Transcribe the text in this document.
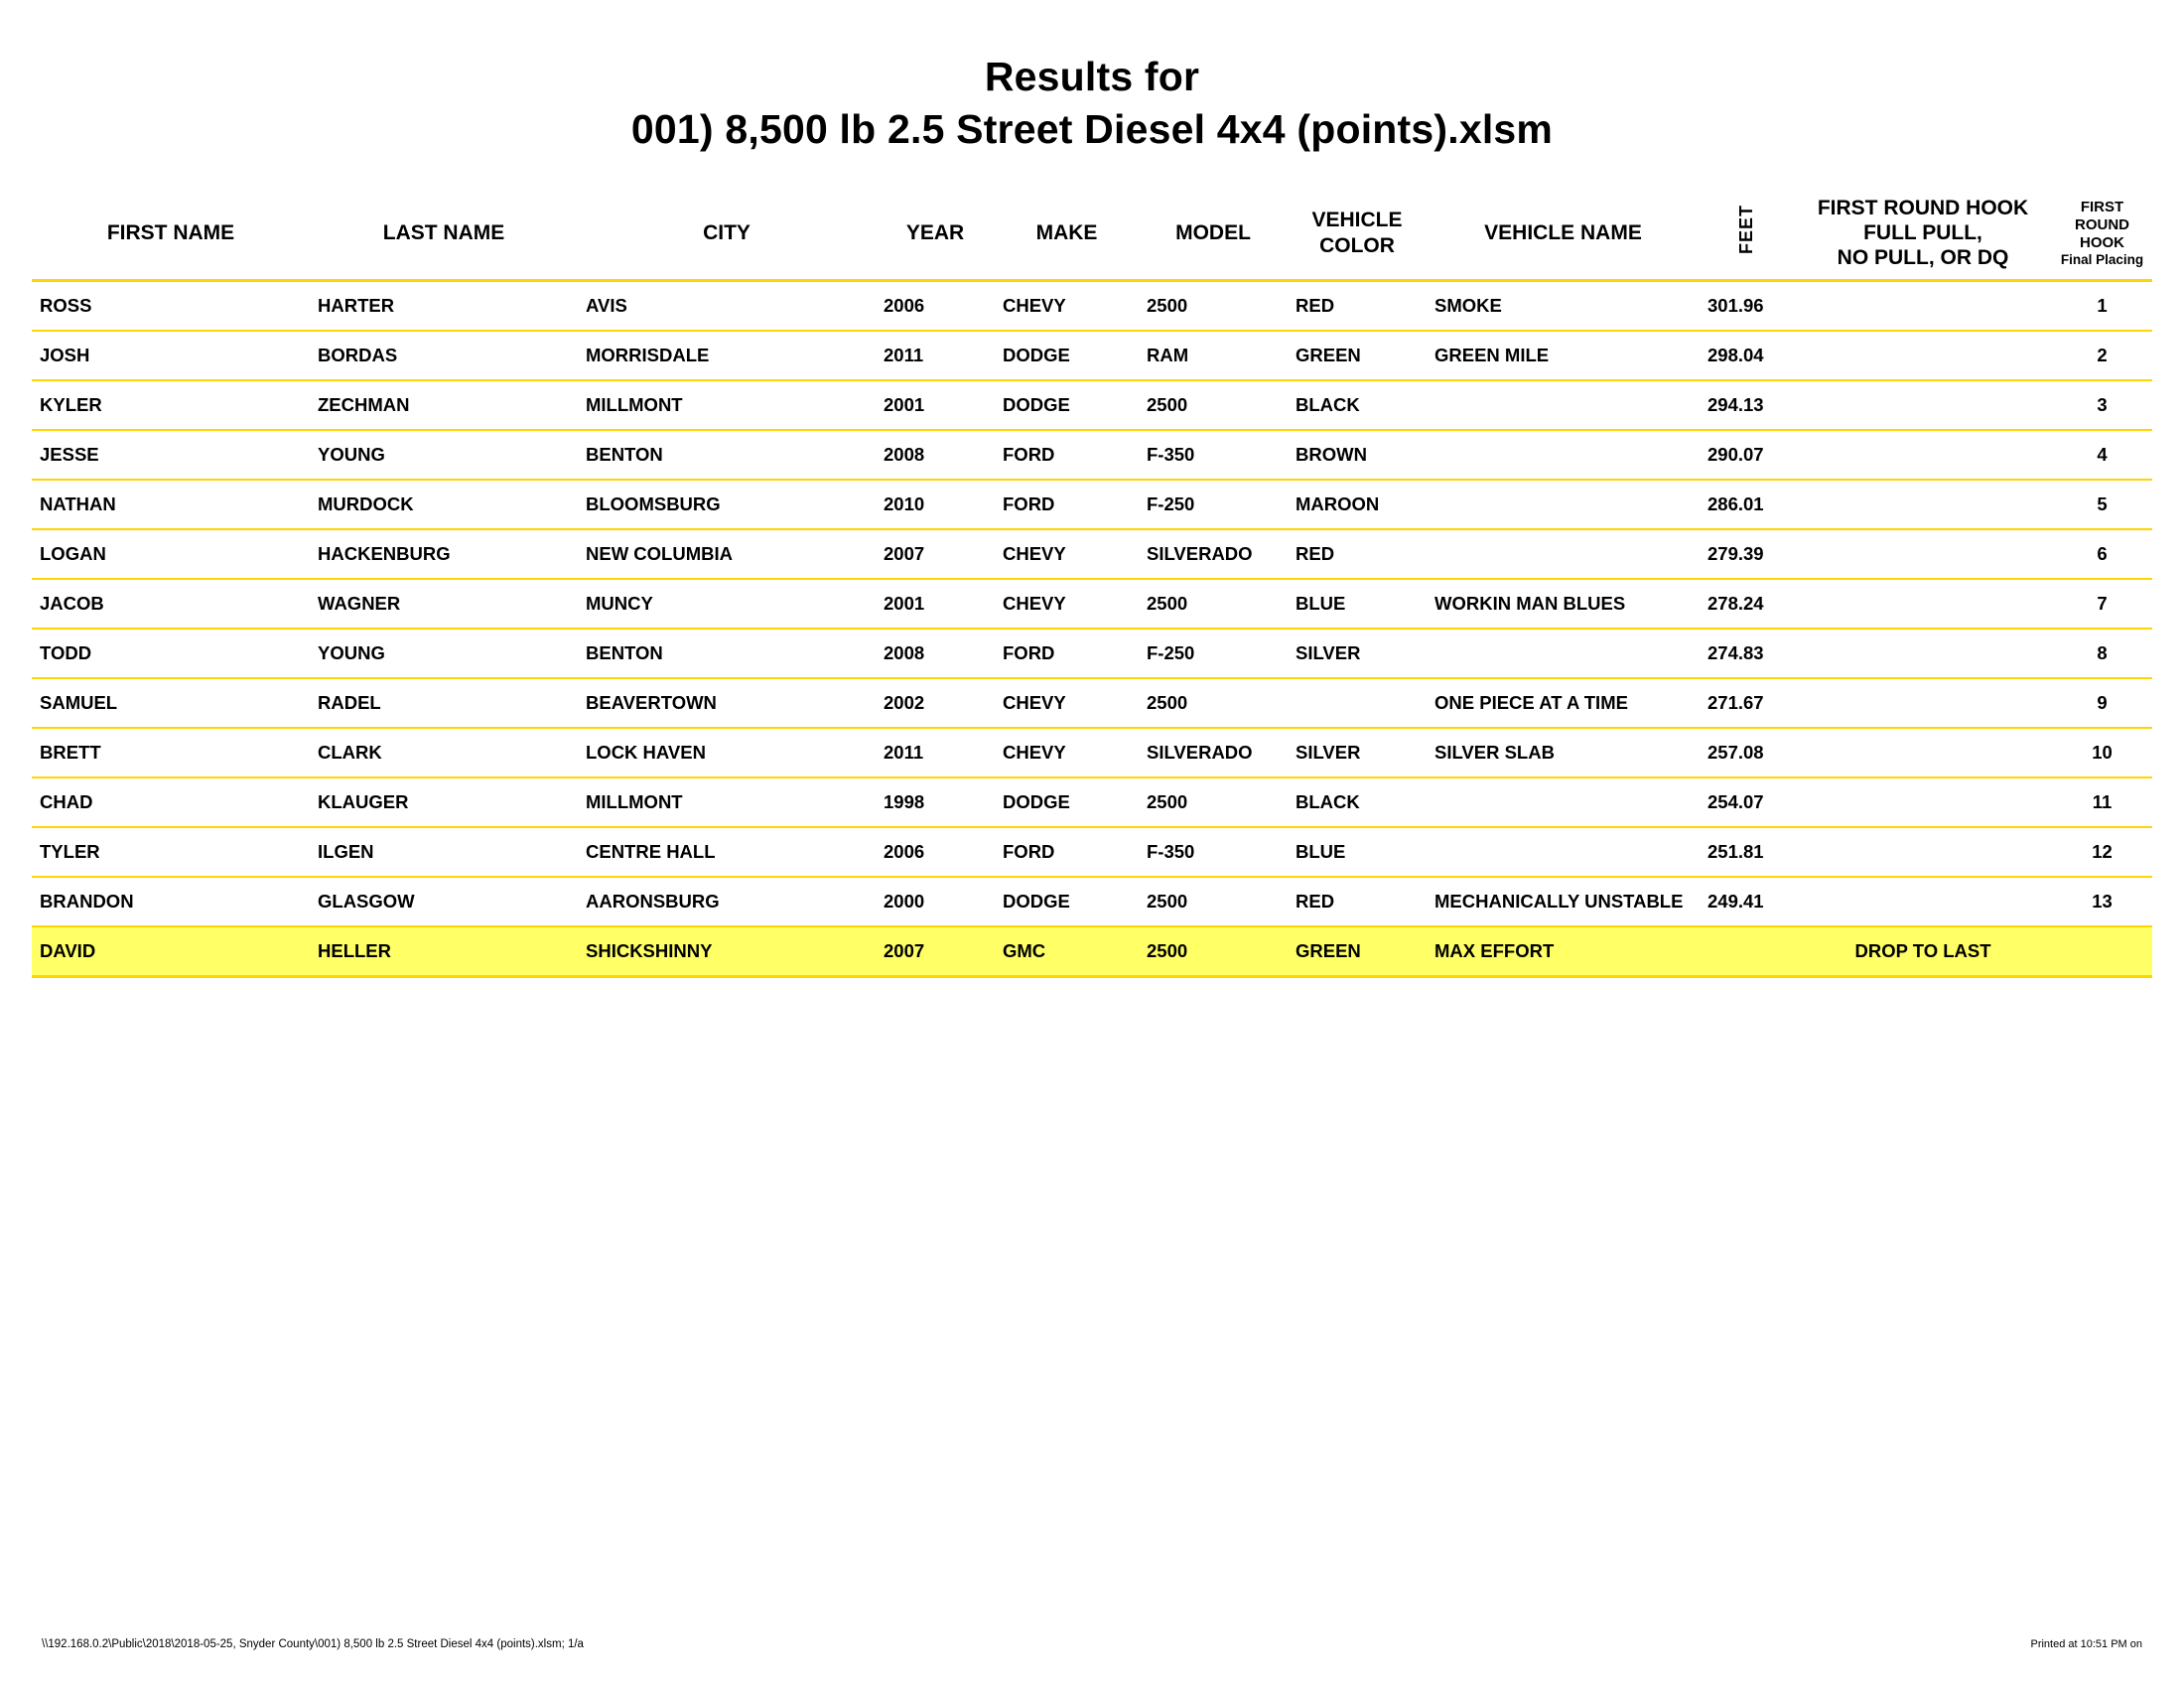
Results for
001) 8,500 lb 2.5 Street Diesel 4x4 (points).xlsm
FIRST NAME	LAST NAME	CITY	YEAR	MAKE	MODEL	VEHICLE COLOR	VEHICLE NAME	FEET	FIRST ROUND HOOK
FULL PULL,
NO PULL, OR DQ

FIRST ROUND
HOOK
Final Placing

ROSS	HARTER	AVIS	2006	CHEVY	2500	RED	SMOKE	301.96		1
JOSH	BORDAS	MORRISDALE	2011	DODGE	RAM	GREEN	GREEN MILE	298.04		2
KYLER	ZECHMAN	MILLMONT	2001	DODGE	2500	BLACK		294.13		3
JESSE	YOUNG	BENTON	2008	FORD	F-350	BROWN		290.07		4
NATHAN	MURDOCK	BLOOMSBURG	2010	FORD	F-250	MAROON		286.01		5
LOGAN	HACKENBURG	NEW COLUMBIA	2007	CHEVY	SILVERADO	RED		279.39		6
JACOB	WAGNER	MUNCY	2001	CHEVY	2500	BLUE	WORKIN MAN BLUES	278.24		7
TODD	YOUNG	BENTON	2008	FORD	F-250	SILVER		274.83		8
SAMUEL	RADEL	BEAVERTOWN	2002	CHEVY	2500		ONE PIECE AT A TIME	271.67		9
BRETT	CLARK	LOCK HAVEN	2011	CHEVY	SILVERADO	SILVER	SILVER SLAB	257.08		10
CHAD	KLAUGER	MILLMONT	1998	DODGE	2500	BLACK		254.07		11
TYLER	ILGEN	CENTRE HALL	2006	FORD	F-350	BLUE		251.81		12
BRANDON	GLASGOW	AARONSBURG	2000	DODGE	2500	RED	MECHANICALLY UNSTABLE	249.41		13
DAVID	HELLER	SHICKSHINNY	2007	GMC	2500	GREEN	MAX EFFORT		DROP TO LAST	
\\192.168.0.2\Public\2018\2018-05-25, Snyder County\001) 8,500 lb 2.5 Street Diesel 4x4 (points).xlsm; 1/a	Printed at 10:51 PM on
